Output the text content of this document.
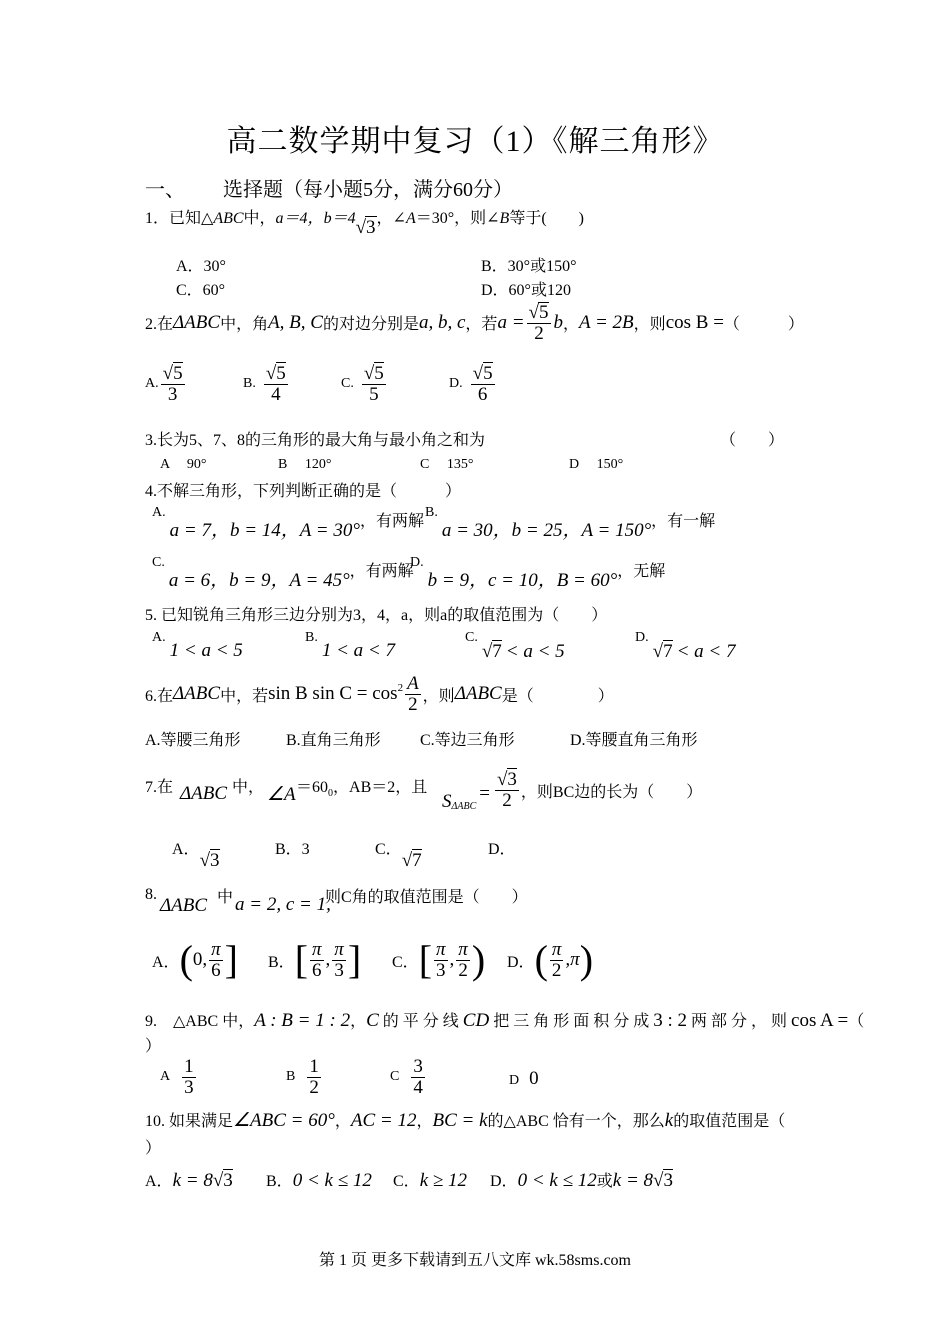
高二数学期中复习（1）《解三角形》
一、 选择题（每小题5分，满分60分）
1．已知△ABC中，a＝4，b＝4√3，∠A＝30°，则∠B等于(　　)
A．30°	B．30°或150°
C．60°	D．60°或120
2.在 ΔABC 中，角 A, B, C 的对边分别是 a, b, c ，若 $a = \frac{√5}{2}$ b ， A = 2B ，则 cos B = （　　　）
A. $\frac{√5}{3}$	B. $\frac{√5}{4}$	C. $\frac{√5}{5}$	D. $\frac{√5}{6}$
3.长为5、7、8的三角形的最大角与最小角之和为	（　　）
A　 90°	B　 120°	C　 135°	D　 150°
4.不解三角形，下列判断正确的是（　　　）
A. a = 7，b = 14，A = 30°，有两解
B. a = 30，b = 25，A = 150°，有一解
C. a = 6，b = 9，A = 45°，有两解
D. b = 9，c = 10，B = 60°，无解
5. 已知锐角三角形三边分别为3，4，a，则a的取值范围为（　　）
A. 1 < a < 5
B. 1 < a < 7
C. √7 < a < 5
D. √7 < a < 7
6.在 ΔABC 中，若 sin B $\sin C = \cos^2 \frac{A}{2}$ ，则 ΔABC 是（　　　　）
A.等腰三角形	B.直角三角形 C.等边三角形	D.等腰直角三角形
7.在 ΔABC 中， ∠A $=60_0$，AB＝2，且
$S_{\Delta ABC}$
= $\frac{√3}{2}$ ，则BC边的长为（　　）
A．√3
B．3	C．√7
D．
8.
ΔABC 中 a = 2, c = 1,
则C角的取值范围是（　　）
A． ( 0, $\frac{\pi}{6}$ ] B． [ $\frac{\pi}{6}$ , $\frac{\pi}{3}$ ] C． [ $\frac{\pi}{3}$ , $\frac{\pi}{2}$ ) D． ( $\frac{\pi}{2} ,\pi$ )
9.　△ABC 中，A : B = 1 : 2，C 的 平 分 线 CD 把 三 角 形 面 积 分 成 3 : 2 两 部 分 ， 则 cos A =（
）
A $\frac{1}{3}$	B $\frac{1}{2}$	C $\frac{3}{4}$	D 0
10. 如果满足∠ABC = 60°，AC = 12，BC = k的△ABC 恰有一个，那么k的取值范围是（
）
A．k = 8√3 B．0 < k ≤ 12 C．k ≥ 12 D．0 < k ≤ 12或k = 8√3
第 1 页 更多下载请到五八文库 wk.58sms.com
